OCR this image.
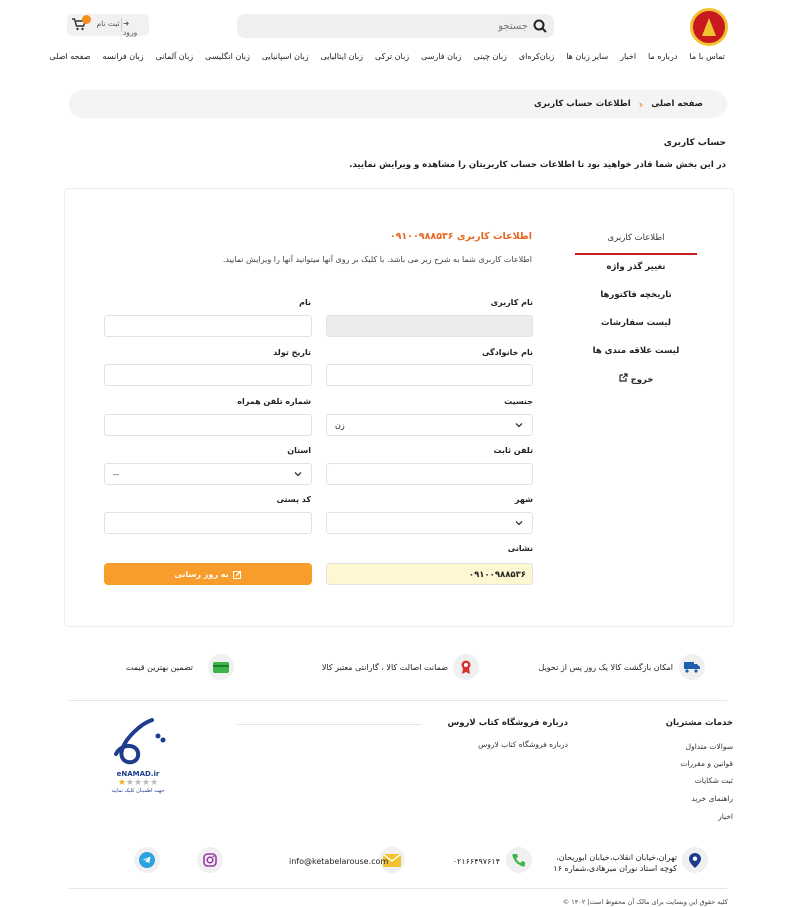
جستجو
ثبت نام ➜ ورود
صفحه اصلی زبان فرانسه زبان آلمانی زبان انگلیسی زبان اسپانیایی زبان ایتالیایی زبان ترکی زبان فارسی زبان چینی زبان‌کره‌ای سایر زبان ها اخبار درباره ما تماس با ما
صفحه اصلی
‹
اطلاعات حساب کاربری
حساب کاربری
در این بخش شما قادر خواهید بود تا اطلاعات حساب کاربریتان را مشاهده و ویرایش نمایید.
اطلاعات کاربری
تغییر گذر واژه
تاریخچه فاکتورها
لیست سفارشات
لیست علاقه مندی ها
خروج
اطلاعات کاربری ۰۹۱۰۰۹۸۸۵۳۶
اطلاعات کاربری شما به شرح زیر می باشد. با کلیک بر روی آنها میتوانید آنها را ویرایش نمایید.
نام کاربری
نام
نام خانوادگی
تاریخ تولد
جنسیت
شماره تلفن همراه
زن
تلفن ثابت
استان
--
شهر
کد پستی
نشانی
۰۹۱۰۰۹۸۸۵۳۶
به روز رسانی
امکان بازگشت کالا یک روز پس از تحویل
ضمانت اصالت کالا ، گارانتی معتبر کالا
تضمین بهترین قیمت
خدمات مشتریان
سوالات متداول
قوانین و مقررات
ثبت شکایات
راهنمای خرید
اخبار
درباره فروشگاه کتاب لاروس
درباره فروشگاه کتاب لاروس
eNAMAD.ir
★★★★★
جهت اطمینان کلیک نمایید
تهران،خیابان انقلاب،خیابان ابوریحان،
کوچه استاد نوران میرهادی،شماره ۱۶
۰۲۱۶۶۴۹۷۶۱۴
info@ketabelarouse.com
کلیه حقوق این وبسایت برای مالک آن محفوظ است| ۱۴۰۲ ©
